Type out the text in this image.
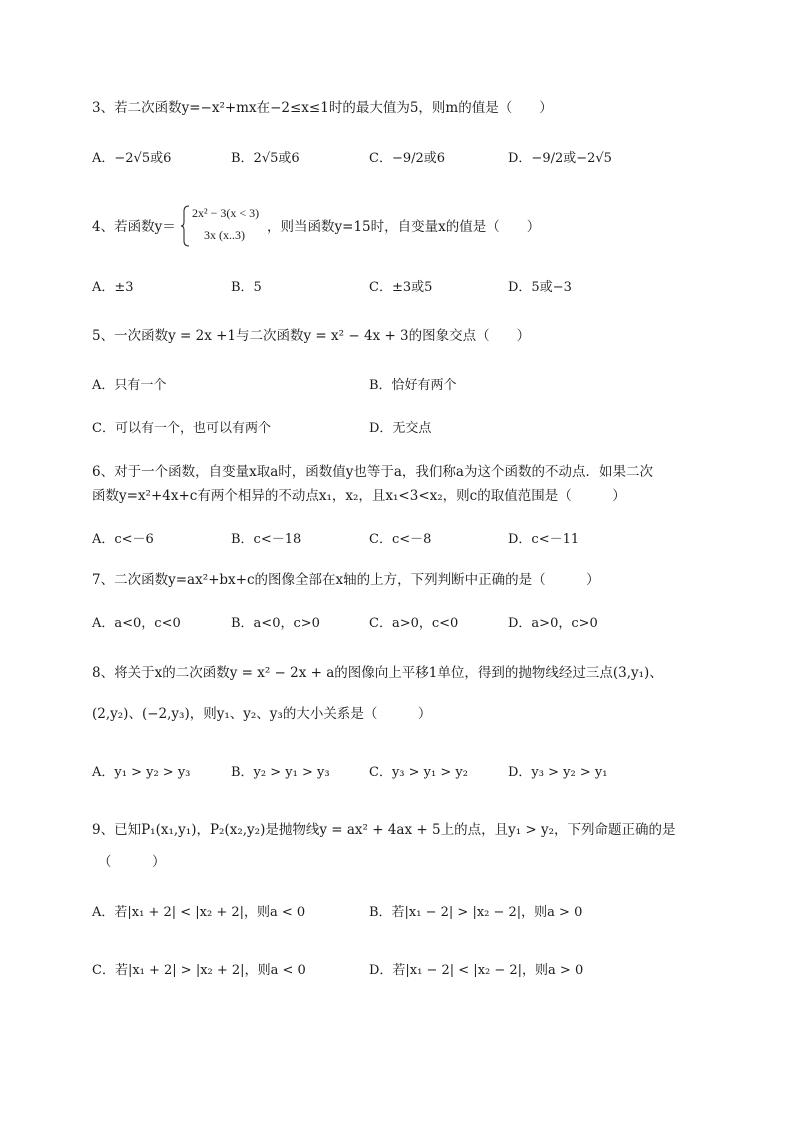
3、若二次函数y=−x²+mx在−2≤x≤1时的最大值为5，则m的值是（　　）
A．−2√5或6	B．2√5或6	C．−9/2或6	D．−9/2或−2√5
4、若函数y＝
2x² − 3(x < 3)
3x (x..3) ，则当函数y=15时，自变量x的值是（　　）
A．±3	B．5	C．±3或5	D．5或−3
5、一次函数y = 2x +1与二次函数y = x² − 4x + 3的图象交点（　　）
A．只有一个	B．恰好有两个
C．可以有一个，也可以有两个	D．无交点
6、对于一个函数，自变量x取a时，函数值y也等于a，我们称a为这个函数的不动点．如果二次
函数y=x²+4x+c有两个相异的不动点x₁，x₂，且x₁<3<x₂，则c的取值范围是（　　　）
A．c<－6	B．c<－18	C．c<－8	D．c<－11
7、二次函数y=ax²+bx+c的图像全部在x轴的上方，下列判断中正确的是（　　　）
A．a<0，c<0	B．a<0，c>0	C．a>0，c<0	D．a>0，c>0
8、将关于x的二次函数y = x² − 2x + a的图像向上平移1单位，得到的抛物线经过三点(3,y₁)、
(2,y₂)、(−2,y₃)，则y₁、y₂、y₃的大小关系是（　　　）
A．y₁ > y₂ > y₃	B．y₂ > y₁ > y₃	C．y₃ > y₁ > y₂	D．y₃ > y₂ > y₁
9、已知P₁(x₁,y₁)，P₂(x₂,y₂)是抛物线y = ax² + 4ax + 5上的点，且y₁ > y₂，下列命题正确的是
（　　　）
A．若|x₁ + 2| < |x₂ + 2|，则a < 0	B．若|x₁ − 2| > |x₂ − 2|，则a > 0
C．若|x₁ + 2| > |x₂ + 2|，则a < 0	D．若|x₁ − 2| < |x₂ − 2|，则a > 0
